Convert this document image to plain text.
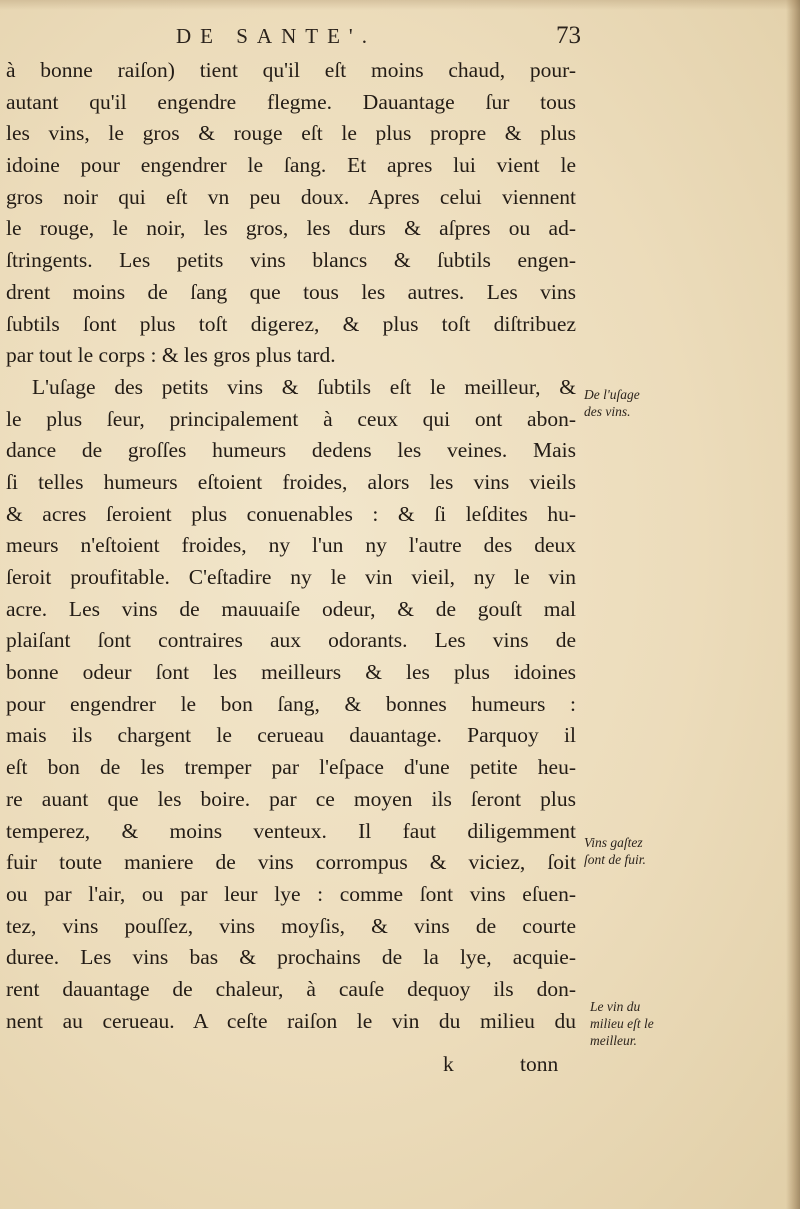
DE SANTE'.	73
à bonne raiſon) tient qu'il eſt moins chaud, pour-
autant qu'il engendre flegme. Dauantage ſur tous
les vins, le gros & rouge eſt le plus propre & plus
idoine pour engendrer le ſang. Et apres lui vient le
gros noir qui eſt vn peu doux. Apres celui viennent
le rouge, le noir, les gros, les durs & aſpres ou ad-
ſtringents. Les petits vins blancs & ſubtils engen-
drent moins de ſang que tous les autres. Les vins
ſubtils ſont plus toſt digerez, & plus toſt diſtribuez
par tout le corps : & les gros plus tard.
L'uſage des petits vins & ſubtils eſt le meilleur, &
le plus ſeur, principalement à ceux qui ont abon-
dance de groſſes humeurs dedens les veines. Mais
ſi telles humeurs eſtoient froides, alors les vins vieils
& acres ſeroient plus conuenables : & ſi leſdites hu-
meurs n'eſtoient froides, ny l'un ny l'autre des deux
ſeroit proufitable. C'eſtadire ny le vin vieil, ny le vin
acre. Les vins de mauuaiſe odeur, & de gouſt mal
plaiſant ſont contraires aux odorants. Les vins de
bonne odeur ſont les meilleurs & les plus idoines
pour engendrer le bon ſang, & bonnes humeurs :
mais ils chargent le cerueau dauantage. Parquoy il
eſt bon de les tremper par l'eſpace d'une petite heu-
re auant que les boire. par ce moyen ils ſeront plus
temperez, & moins venteux. Il faut diligemment
fuir toute maniere de vins corrompus & viciez, ſoit
ou par l'air, ou par leur lye : comme ſont vins eſuen-
tez, vins pouſſez, vins moyſis, & vins de courte
duree. Les vins bas & prochains de la lye, acquie-
rent dauantage de chaleur, à cauſe dequoy ils don-
nent au cerueau. A ceſte raiſon le vin du milieu du
k	tonn
De l'uſage
des vins.
Vins gaſtez
ſont de fuir.
Le vin du
milieu eſt le
meilleur.
